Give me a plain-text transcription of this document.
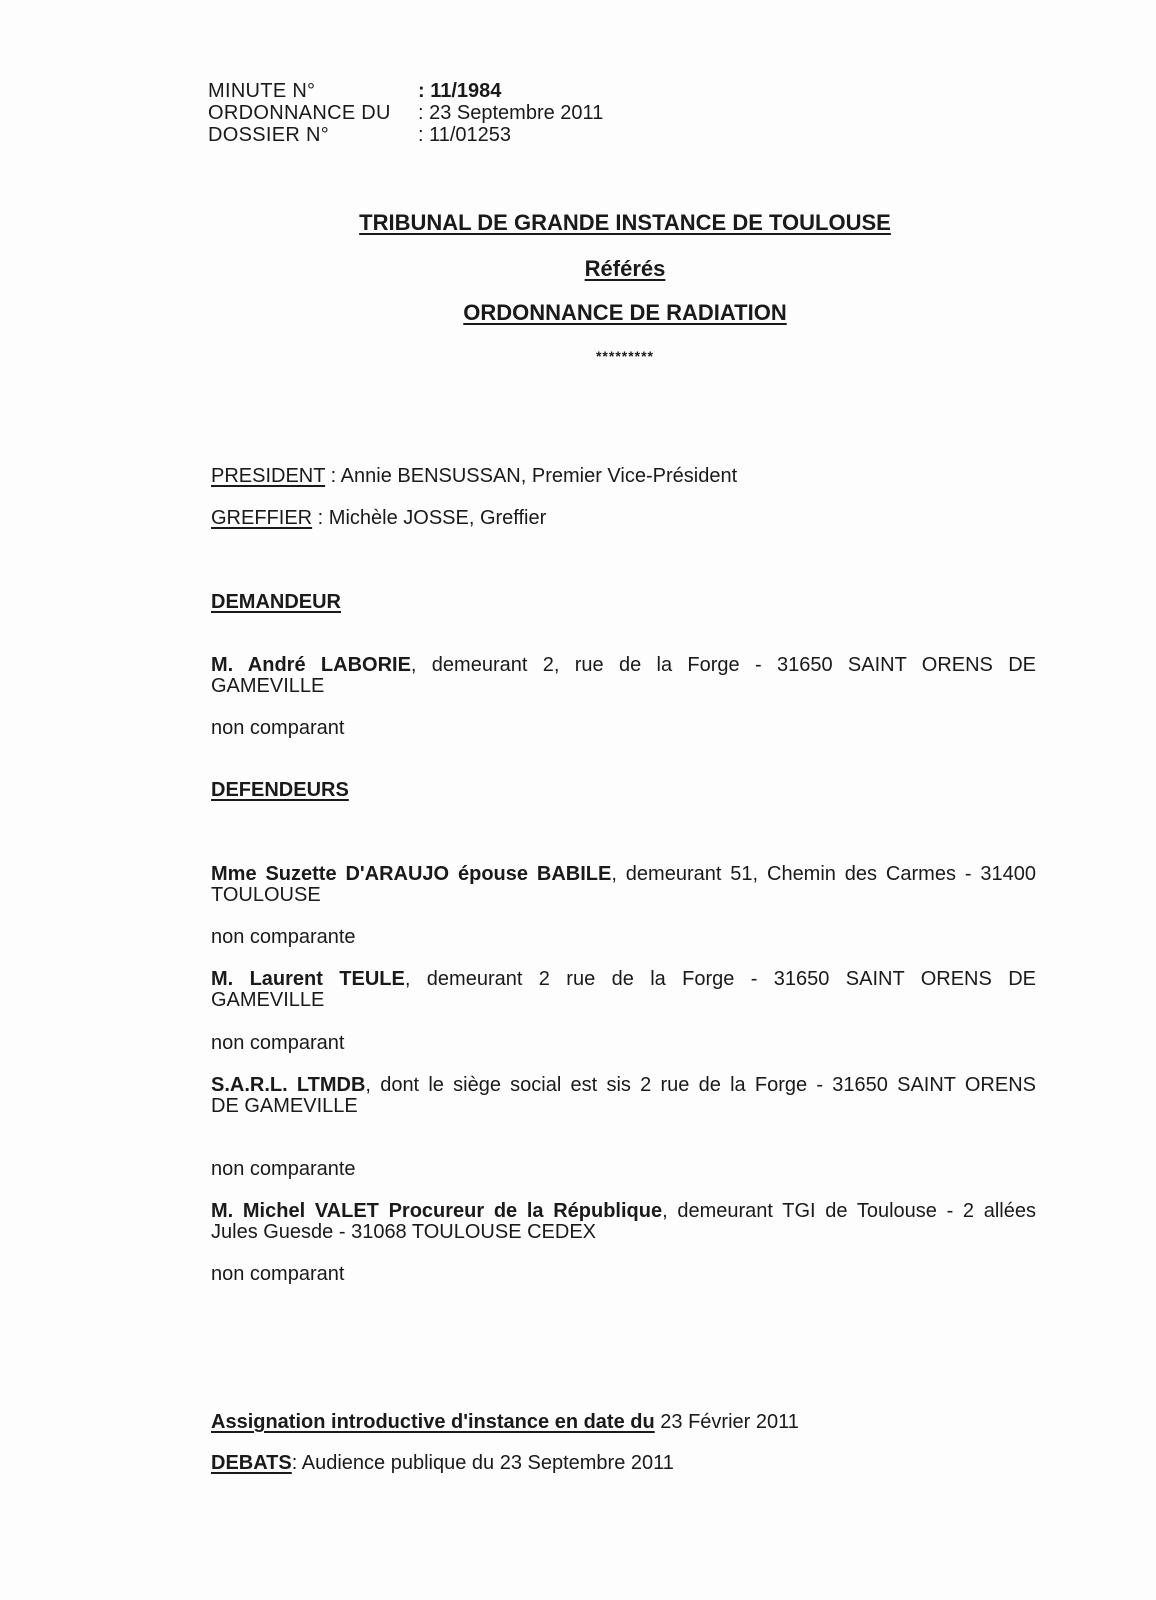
MINUTE N°	: 11/1984
ORDONNANCE DU	: 23 Septembre 2011
DOSSIER N°	: 11/01253
TRIBUNAL DE GRANDE INSTANCE DE TOULOUSE
Référés
ORDONNANCE DE RADIATION
*********
PRESIDENT : Annie BENSUSSAN, Premier Vice-Président
GREFFIER : Michèle JOSSE, Greffier
DEMANDEUR
M. André LABORIE, demeurant 2, rue de la Forge - 31650 SAINT ORENS DE
GAMEVILLE
non comparant
DEFENDEURS
Mme Suzette D'ARAUJO épouse BABILE, demeurant 51, Chemin des Carmes - 31400
TOULOUSE
non comparante
M. Laurent TEULE, demeurant 2 rue de la Forge - 31650 SAINT ORENS DE
GAMEVILLE
non comparant
S.A.R.L. LTMDB, dont le siège social est sis 2 rue de la Forge - 31650 SAINT ORENS
DE GAMEVILLE
non comparante
M. Michel VALET Procureur de la République, demeurant TGI de Toulouse - 2 allées
Jules Guesde - 31068 TOULOUSE CEDEX
non comparant
Assignation introductive d'instance en date du 23 Février 2011
DEBATS: Audience publique du 23 Septembre 2011
